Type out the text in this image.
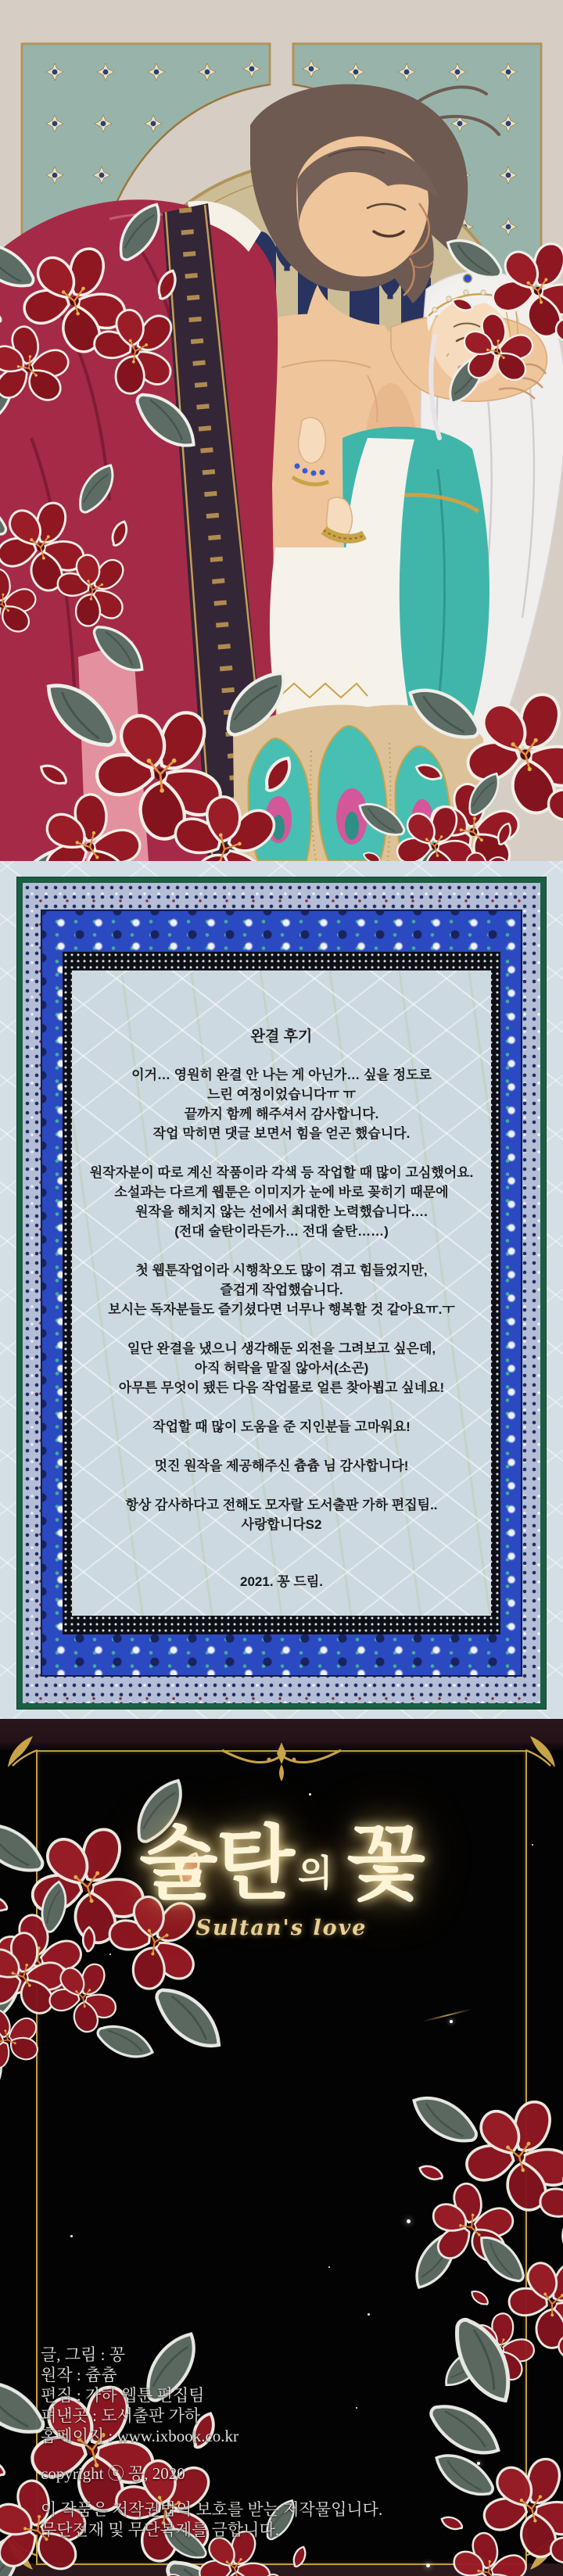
완결 후기

이거… 영원히 완결 안 나는 게 아닌가… 싶을 정도로
느린 여정이었습니다ㅠ ㅠ
끝까지 함께 해주셔서 감사합니다.
작업 막히면 댓글 보면서 힘을 얻곤 했습니다.

원작자분이 따로 계신 작품이라 각색 등 작업할 때 많이 고심했어요.
소설과는 다르게 웹툰은 이미지가 눈에 바로 꽂히기 때문에
원작을 해치지 않는 선에서 최대한 노력했습니다….
(전대 술탄이라든가… 전대 술탄……)

첫 웹툰작업이라 시행착오도 많이 겪고 힘들었지만,
즐겁게 작업했습니다.
보시는 독자분들도 즐기셨다면 너무나 행복할 것 같아요ㅠ.ㅜ

일단 완결을 냈으니 생각해둔 외전을 그려보고 싶은데,
아직 허락을 맡질 않아서(소곤)
아무튼 무엇이 됐든 다음 작업물로 얼른 찾아뵙고 싶네요!

작업할 때 많이 도움을 준 지인분들 고마워요!

멋진 원작을 제공해주신 츔츔 님 감사합니다!

항상 감사하다고 전해도 모자랄 도서출판 가하 편집팀..
사랑합니다S2

2021. 꽁 드림.

술탄 의 꽃
Sultan's love
글, 그림 : 꽁
원작 : 츔츔
편집 : 가하 웹툰 편집팀
펴낸곳 : 도서출판 가하
홈페이지 : www.ixbook.co.kr
copyright ⓒ 꽁, 2020
이 작품은 저작권법의 보호를 받는 저작물입니다.
무단전재 및 무단복제를 금합니다.
